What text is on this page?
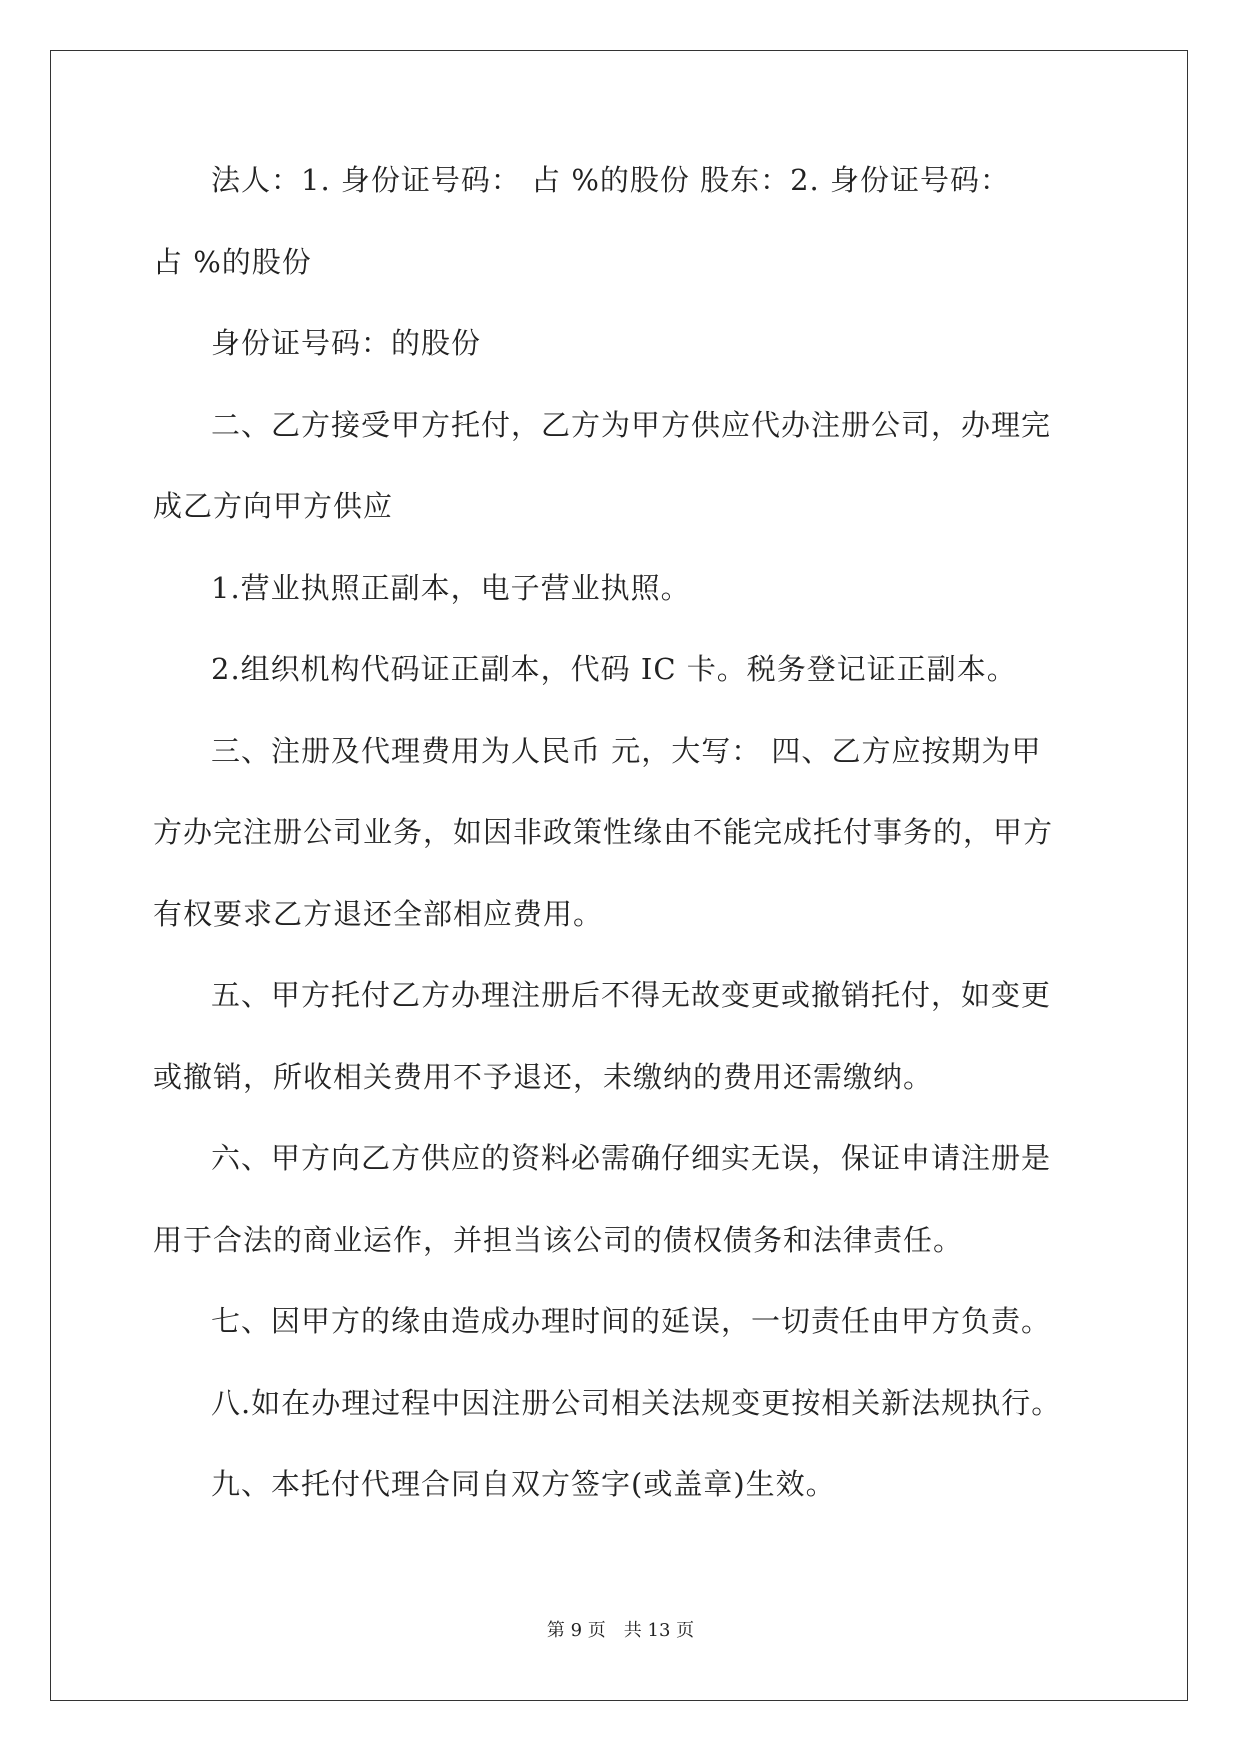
法人：1. 身份证号码： 占 %的股份 股东：2. 身份证号码：
占 %的股份
身份证号码：的股份
二、乙方接受甲方托付，乙方为甲方供应代办注册公司，办理完
成乙方向甲方供应
1.营业执照正副本，电子营业执照。
2.组织机构代码证正副本，代码 IC 卡。税务登记证正副本。
三、注册及代理费用为人民币 元，大写： 四、乙方应按期为甲
方办完注册公司业务，如因非政策性缘由不能完成托付事务的，甲方
有权要求乙方退还全部相应费用。
五、甲方托付乙方办理注册后不得无故变更或撤销托付，如变更
或撤销，所收相关费用不予退还，未缴纳的费用还需缴纳。
六、甲方向乙方供应的资料必需确仔细实无误，保证申请注册是
用于合法的商业运作，并担当该公司的债权债务和法律责任。
七、因甲方的缘由造成办理时间的延误，一切责任由甲方负责。
八.如在办理过程中因注册公司相关法规变更按相关新法规执行。
九、本托付代理合同自双方签字(或盖章)生效。
第 9 页　共 13 页
